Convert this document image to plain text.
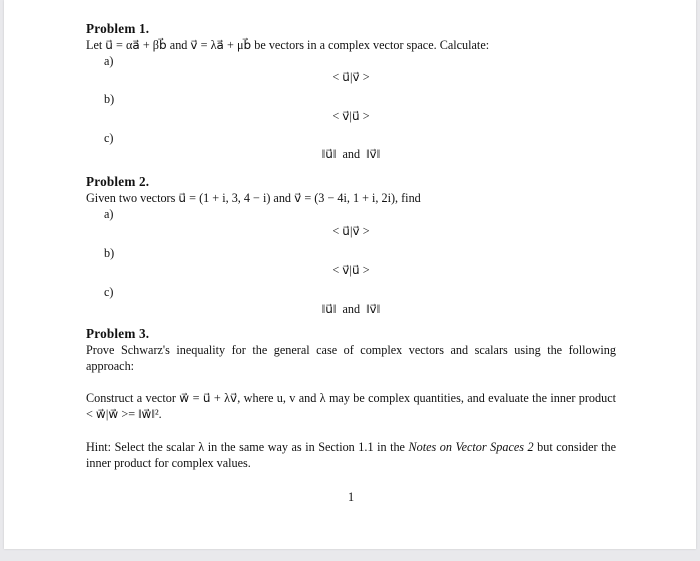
Problem 1.
Let u⃗ = αa⃗ + βb⃗ and v⃗ = λa⃗ + μb⃗ be vectors in a complex vector space. Calculate:
a)
< u⃗|v⃗ >
b)
< v⃗|u⃗ >
c)
‖u⃗‖  and  ‖v⃗‖
Problem 2.
Given two vectors u⃗ = (1 + i, 3, 4 − i) and v⃗ = (3 − 4i, 1 + i, 2i), find
a)
< u⃗|v⃗ >
b)
< v⃗|u⃗ >
c)
‖u⃗‖  and  ‖v⃗‖
Problem 3.
Prove Schwarz's inequality for the general case of complex vectors and scalars using the following approach:
Construct a vector w⃗ = u⃗ + λv⃗, where u, v and λ may be complex quantities, and evaluate the inner product < w⃗|w⃗ >= ‖w⃗‖².
Hint: Select the scalar λ in the same way as in Section 1.1 in the Notes on Vector Spaces 2 but consider the inner product for complex values.
1
